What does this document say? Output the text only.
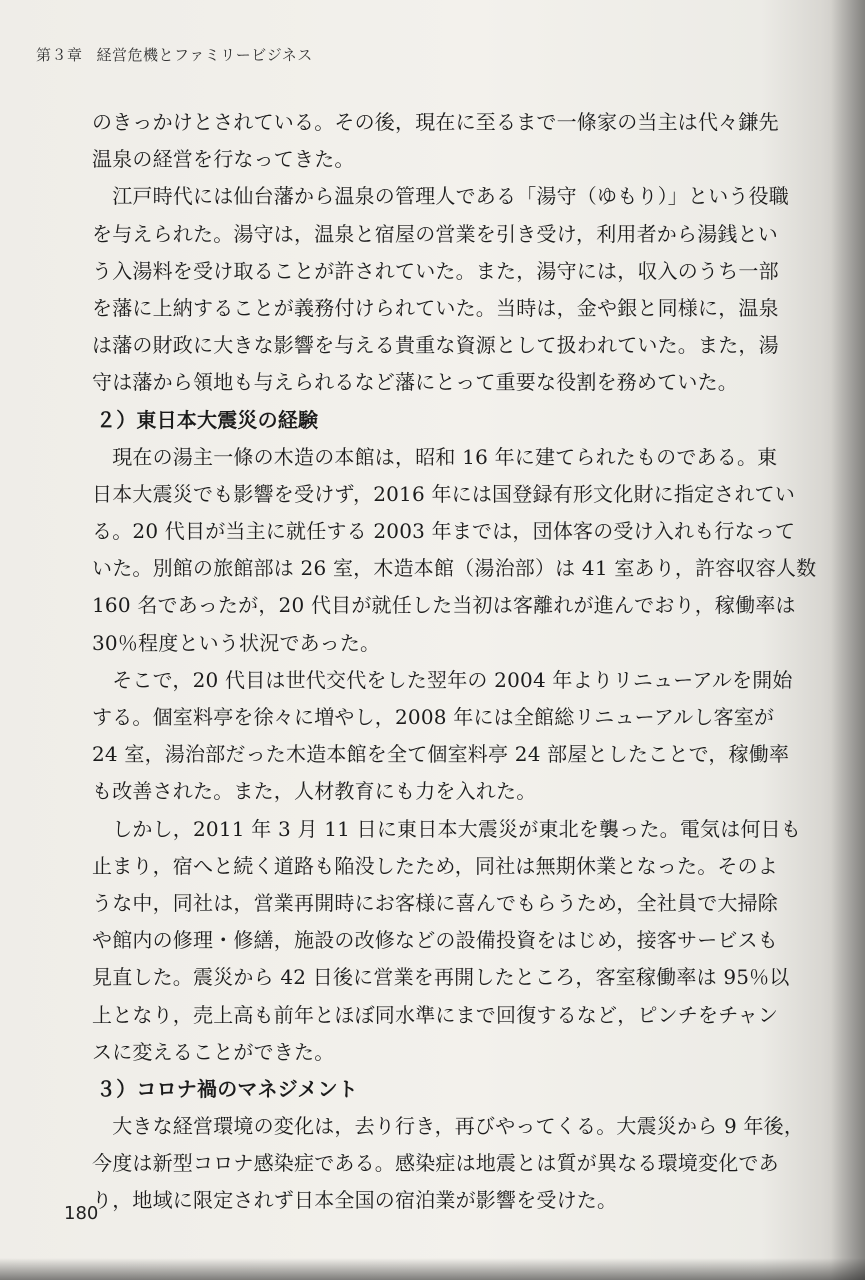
第３章 経営危機とファミリービジネス
のきっかけとされている。その後，現在に至るまで一條家の当主は代々鎌先
温泉の経営を行なってきた。
　江戸時代には仙台藩から温泉の管理人である「湯守（ゆもり）」という役職
を与えられた。湯守は，温泉と宿屋の営業を引き受け，利用者から湯銭とい
う入湯料を受け取ることが許されていた。また，湯守には，収入のうち一部
を藩に上納することが義務付けられていた。当時は，金や銀と同様に，温泉
は藩の財政に大きな影響を与える貴重な資源として扱われていた。また，湯
守は藩から領地も与えられるなど藩にとって重要な役割を務めていた。
２）東日本大震災の経験
　現在の湯主一條の木造の本館は，昭和 16 年に建てられたものである。東
日本大震災でも影響を受けず，2016 年には国登録有形文化財に指定されてい
る。20 代目が当主に就任する 2003 年までは，団体客の受け入れも行なって
いた。別館の旅館部は 26 室，木造本館（湯治部）は 41 室あり，許容収容人数
160 名であったが，20 代目が就任した当初は客離れが進んでおり，稼働率は
30％程度という状況であった。
　そこで，20 代目は世代交代をした翌年の 2004 年よりリニューアルを開始
する。個室料亭を徐々に増やし，2008 年には全館総リニューアルし客室が
24 室，湯治部だった木造本館を全て個室料亭 24 部屋としたことで，稼働率
も改善された。また，人材教育にも力を入れた。
　しかし，2011 年 3 月 11 日に東日本大震災が東北を襲った。電気は何日も
止まり，宿へと続く道路も陥没したため，同社は無期休業となった。そのよ
うな中，同社は，営業再開時にお客様に喜んでもらうため，全社員で大掃除
や館内の修理・修繕，施設の改修などの設備投資をはじめ，接客サービスも
見直した。震災から 42 日後に営業を再開したところ，客室稼働率は 95％以
上となり，売上高も前年とほぼ同水準にまで回復するなど，ピンチをチャン
スに変えることができた。
３）コロナ禍のマネジメント
　大きな経営環境の変化は，去り行き，再びやってくる。大震災から 9 年後，
今度は新型コロナ感染症である。感染症は地震とは質が異なる環境変化であ
り，地域に限定されず日本全国の宿泊業が影響を受けた。
180
